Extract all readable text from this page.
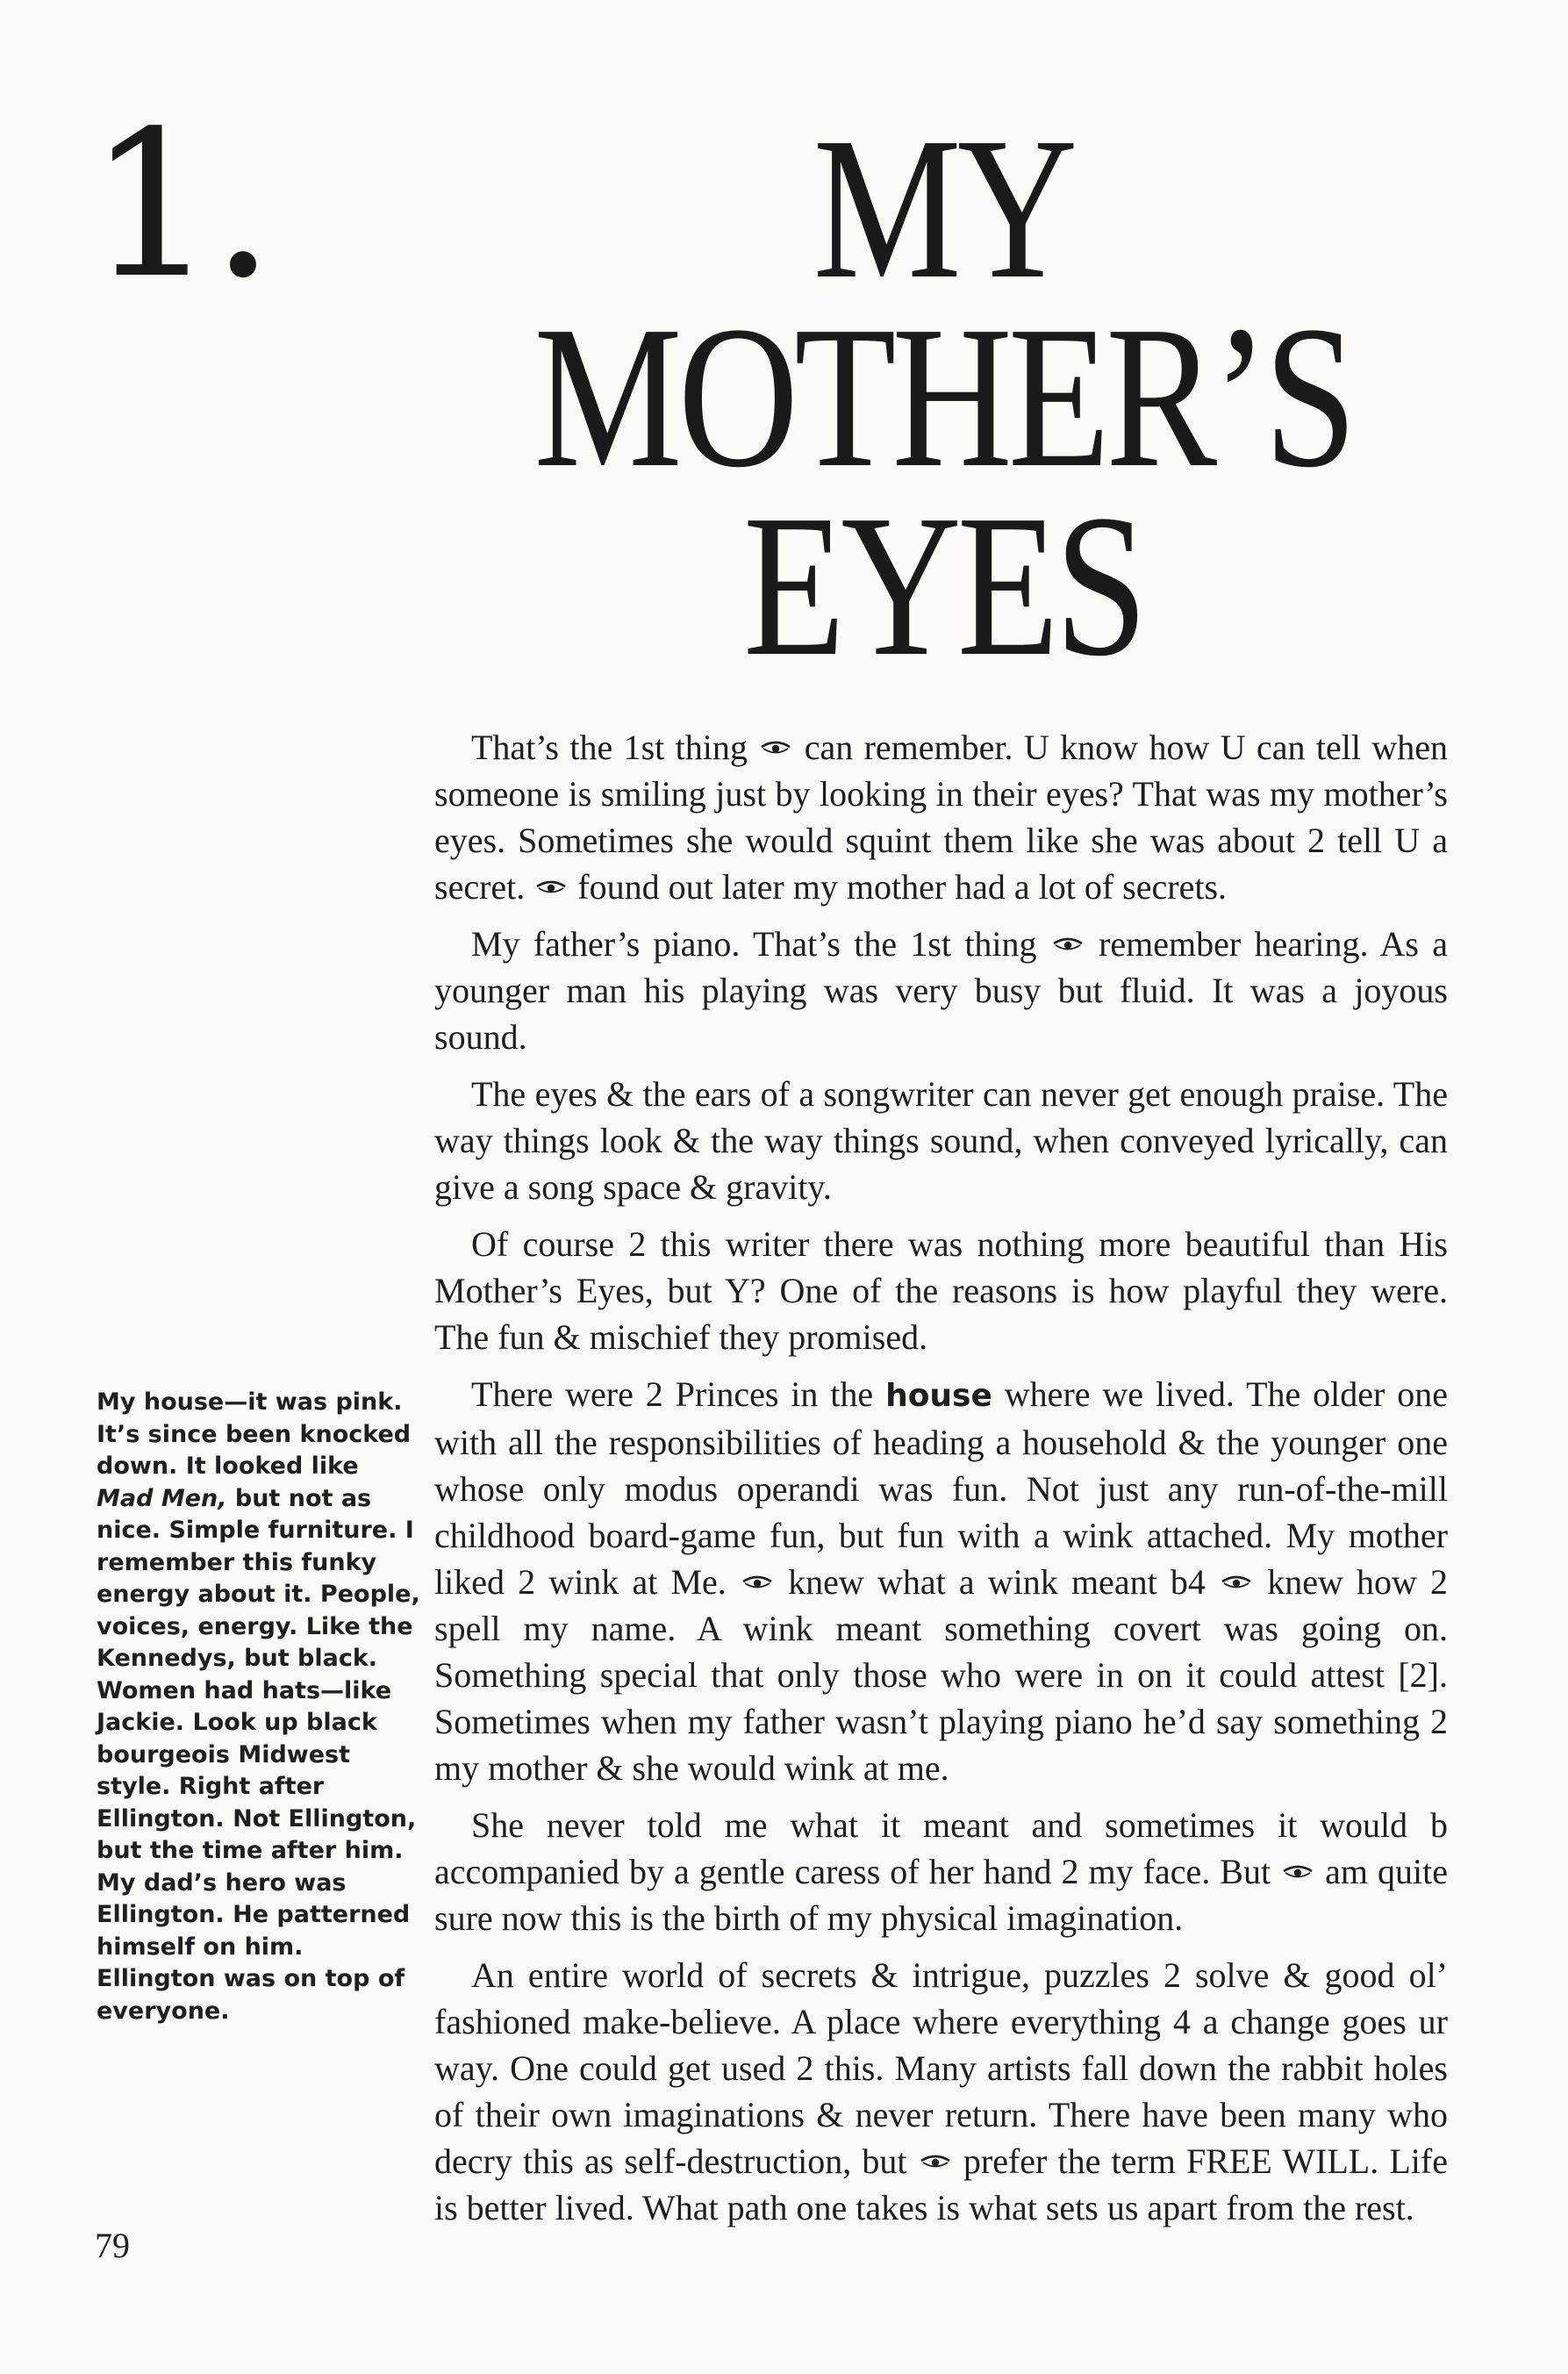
1.	MY
MOTHER’S
EYES
My house—it was pink. It’s since been knocked down. It looked like Mad Men, but not as nice. Simple furniture. I remember this funky energy about it. People, voices, energy. Like the Kennedys, but black. Women had hats—like Jackie. Look up black bourgeois Midwest style. Right after Ellington. Not Ellington, but the time after him. My dad’s hero was Ellington. He patterned himself on him. Ellington was on top of everyone.
79

That’s the 1st thing can remember. U know how U can tell when someone is smiling just by looking in their eyes? That was my mother’s eyes. Sometimes she would squint them like she was about 2 tell U a secret. found out later my mother had a lot of secrets.

My father’s piano. That’s the 1st thing remember hearing. As a younger man his playing was very busy but fluid. It was a joyous sound.

The eyes & the ears of a songwriter can never get enough praise. The way things look & the way things sound, when conveyed lyrically, can give a song space & gravity.

Of course 2 this writer there was nothing more beautiful than His Mother’s Eyes, but Y? One of the reasons is how playful they were. The fun & mischief they promised.

There were 2 Princes in the house where we lived. The older one with all the responsibilities of heading a household & the younger one whose only modus operandi was fun. Not just any run-of-the-mill childhood board-game fun, but fun with a wink attached. My mother liked 2 wink at Me. knew what a wink meant b4 knew how 2 spell my name. A wink meant something covert was going on. Something special that only those who were in on it could attest [2]. Sometimes when my father wasn’t playing piano he’d say something 2 my mother & she would wink at me.

She never told me what it meant and sometimes it would b accompanied by a gentle caress of her hand 2 my face. But am quite sure now this is the birth of my physical imagination.

An entire world of secrets & intrigue, puzzles 2 solve & good ol’ fashioned make-believe. A place where everything 4 a change goes ur way. One could get used 2 this. Many artists fall down the rabbit holes of their own imaginations & never return. There have been many who decry this as self-destruction, but prefer the term FREE WILL. Life is better lived. What path one takes is what sets us apart from the rest.
